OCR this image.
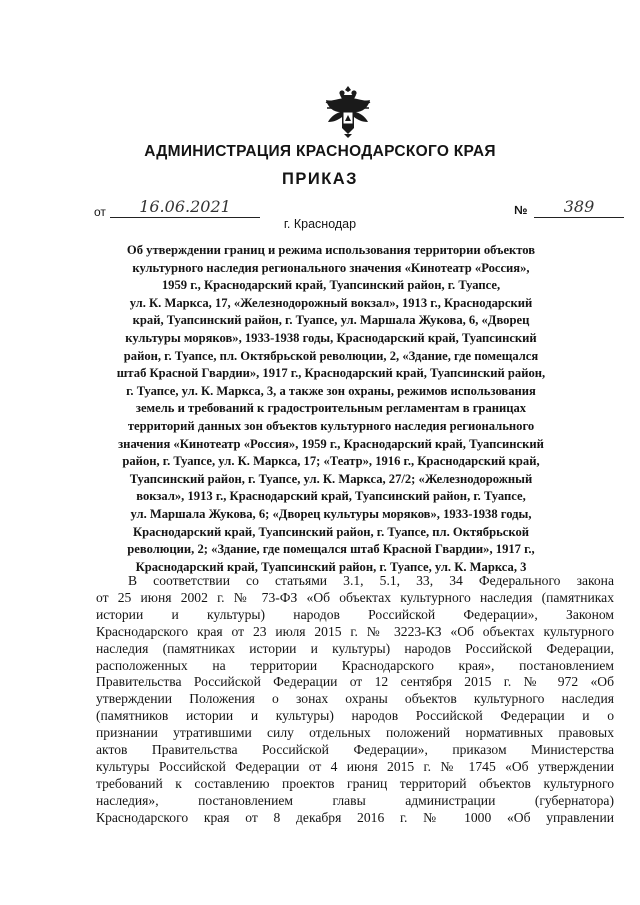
АДМИНИСТРАЦИЯ КРАСНОДАРСКОГО КРАЯ
ПРИКАЗ
от	16.06.2021	№	389
г. Краснодар
Об утверждении границ и режима использования территории объектов
культурного наследия регионального значения «Кинотеатр «Россия»,
1959 г., Краснодарский край, Туапсинский район, г. Туапсе,
ул. К. Маркса, 17, «Железнодорожный вокзал», 1913 г., Краснодарский
край, Туапсинский район, г. Туапсе, ул. Маршала Жукова, 6, «Дворец
культуры моряков», 1933-1938 годы, Краснодарский край, Туапсинский
район, г. Туапсе, пл. Октябрьской революции, 2, «Здание, где помещался
штаб Красной Гвардии», 1917 г., Краснодарский край, Туапсинский район,
г. Туапсе, ул. К. Маркса, 3, а также зон охраны, режимов использования
земель и требований к градостроительным регламентам в границах
территорий данных зон объектов культурного наследия регионального
значения «Кинотеатр «Россия», 1959 г., Краснодарский край, Туапсинский
район, г. Туапсе, ул. К. Маркса, 17; «Театр», 1916 г., Краснодарский край,
Туапсинский район, г. Туапсе, ул. К. Маркса, 27/2; «Железнодорожный
вокзал», 1913 г., Краснодарский край, Туапсинский район, г. Туапсе,
ул. Маршала Жукова, 6; «Дворец культуры моряков», 1933-1938 годы,
Краснодарский край, Туапсинский район, г. Туапсе, пл. Октябрьской
революции, 2; «Здание, где помещался штаб Красной Гвардии», 1917 г.,
Краснодарский край, Туапсинский район, г. Туапсе, ул. К. Маркса, 3
В соответствии со статьями 3.1, 5.1, 33, 34 Федерального закона
от 25 июня 2002 г. № 73-ФЗ «Об объектах культурного наследия (памятниках
истории и культуры) народов Российской Федерации», Законом
Краснодарского края от 23 июля 2015 г. № 3223-КЗ «Об объектах культурного
наследия (памятниках истории и культуры) народов Российской Федерации,
расположенных на территории Краснодарского края», постановлением
Правительства Российской Федерации от 12 сентября 2015 г. № 972 «Об
утверждении Положения о зонах охраны объектов культурного наследия
(памятников истории и культуры) народов Российской Федерации и о
признании утратившими силу отдельных положений нормативных правовых
актов Правительства Российской Федерации», приказом Министерства
культуры Российской Федерации от 4 июня 2015 г. № 1745 «Об утверждении
требований к составлению проектов границ территорий объектов культурного
наследия», постановлением главы администрации (губернатора)
Краснодарского края от 8 декабря 2016 г. № 1000 «Об управлении
